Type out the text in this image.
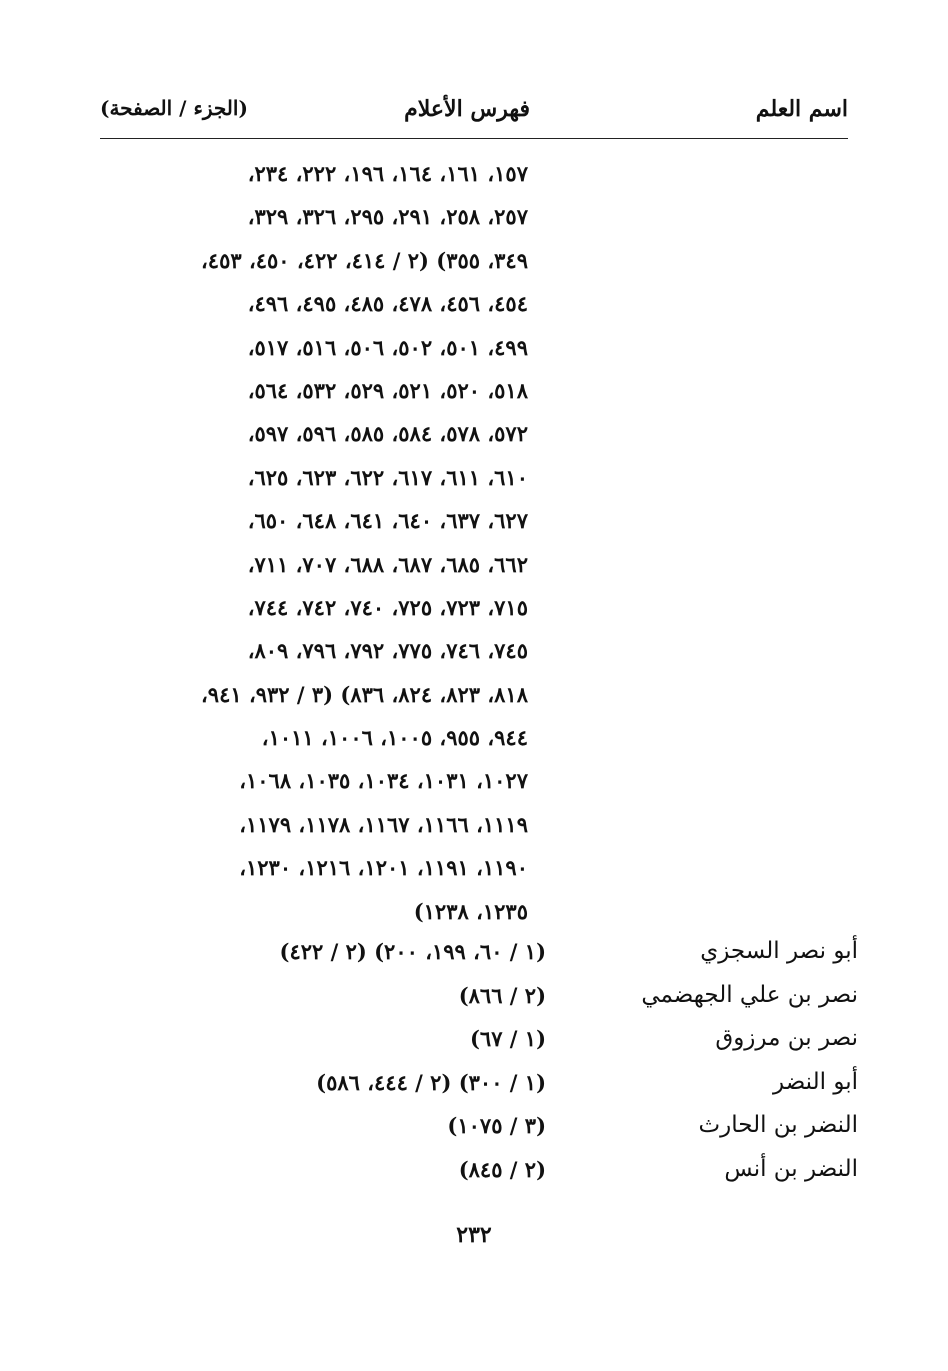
اسم العلم
فهرس الأعلام
(الجزء / الصفحة)
١٥٧، ١٦١، ١٦٤، ١٩٦، ٢٢٢، ٢٣٤،
٢٥٧، ٢٥٨، ٢٩١، ٢٩٥، ٣٢٦، ٣٢٩،
٣٤٩، ٣٥٥) (٢ / ٤١٤، ٤٢٢، ٤٥٠، ٤٥٣،
٤٥٤، ٤٥٦، ٤٧٨، ٤٨٥، ٤٩٥، ٤٩٦،
٤٩٩، ٥٠١، ٥٠٢، ٥٠٦، ٥١٦، ٥١٧،
٥١٨، ٥٢٠، ٥٢١، ٥٢٩، ٥٣٢، ٥٦٤،
٥٧٢، ٥٧٨، ٥٨٤، ٥٨٥، ٥٩٦، ٥٩٧،
٦١٠، ٦١١، ٦١٧، ٦٢٢، ٦٢٣، ٦٢٥،
٦٢٧، ٦٣٧، ٦٤٠، ٦٤١، ٦٤٨، ٦٥٠،
٦٦٢، ٦٨٥، ٦٨٧، ٦٨٨، ٧٠٧، ٧١١،
٧١٥، ٧٢٣، ٧٢٥، ٧٤٠، ٧٤٢، ٧٤٤،
٧٤٥، ٧٤٦، ٧٧٥، ٧٩٢، ٧٩٦، ٨٠٩،
٨١٨، ٨٢٣، ٨٢٤، ٨٣٦) (٣ / ٩٣٢، ٩٤١،
٩٤٤، ٩٥٥، ١٠٠٥، ١٠٠٦، ١٠١١،
١٠٢٧، ١٠٣١، ١٠٣٤، ١٠٣٥، ١٠٦٨،
١١١٩، ١١٦٦، ١١٦٧، ١١٧٨، ١١٧٩،
١١٩٠، ١١٩١، ١٢٠١، ١٢١٦، ١٢٣٠،
١٢٣٥، ١٢٣٨)
أبو نصر السجزي
(١ / ٦٠، ١٩٩، ٢٠٠) (٢ / ٤٢٢)
نصر بن علي الجهضمي
(٢ / ٨٦٦)
نصر بن مرزوق
(١ / ٦٧)
أبو النضر
(١ / ٣٠٠) (٢ / ٤٤٤، ٥٨٦)
النضر بن الحارث
(٣ / ١٠٧٥)
النضر بن أنس
(٢ / ٨٤٥)
٢٣٢
